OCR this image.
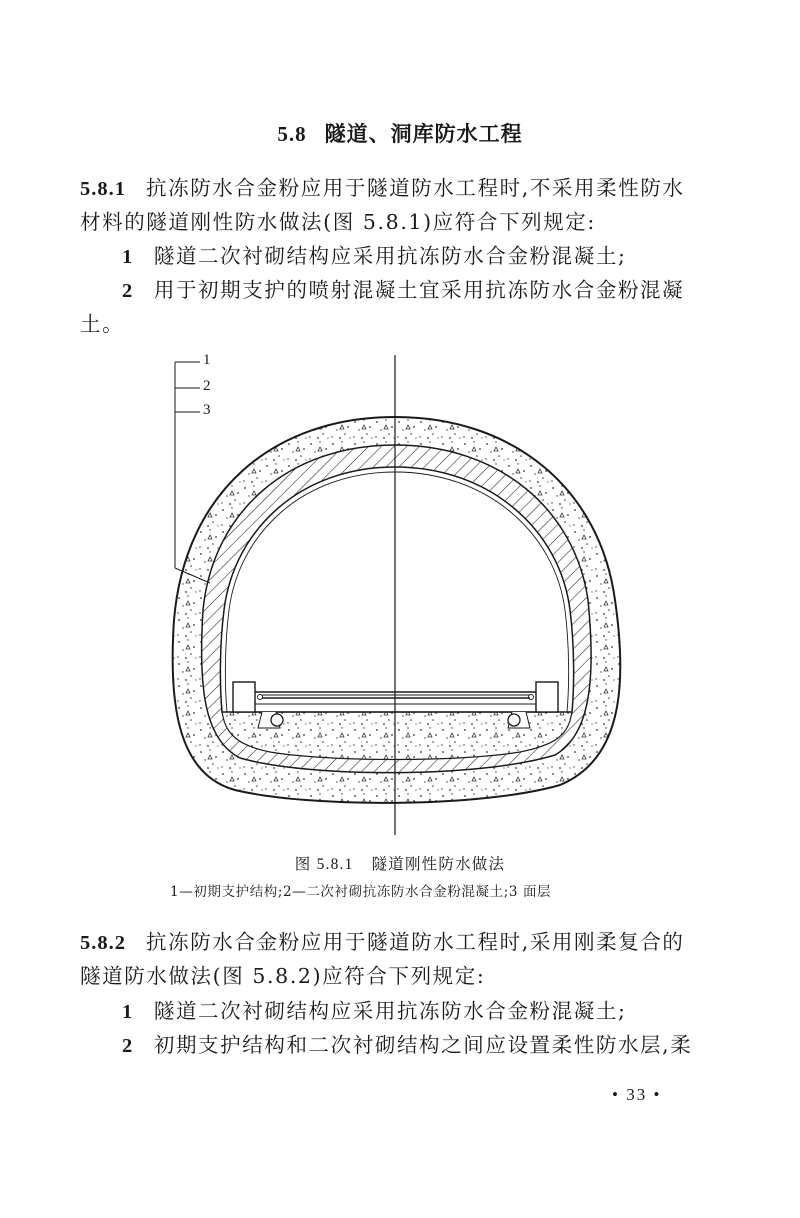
5.8 隧道、洞库防水工程
5.8.1 抗冻防水合金粉应用于隧道防水工程时,不采用柔性防水
材料的隧道刚性防水做法(图 5.8.1)应符合下列规定:
1 隧道二次衬砌结构应采用抗冻防水合金粉混凝土;
2 用于初期支护的喷射混凝土宜采用抗冻防水合金粉混凝
土。
1
2
3
图 5.8.1 隧道刚性防水做法
1—初期支护结构;2—二次衬砌抗冻防水合金粉混凝土;3 面层
5.8.2 抗冻防水合金粉应用于隧道防水工程时,采用刚柔复合的
隧道防水做法(图 5.8.2)应符合下列规定:
1 隧道二次衬砌结构应采用抗冻防水合金粉混凝土;
2 初期支护结构和二次衬砌结构之间应设置柔性防水层,柔
• 33 •
